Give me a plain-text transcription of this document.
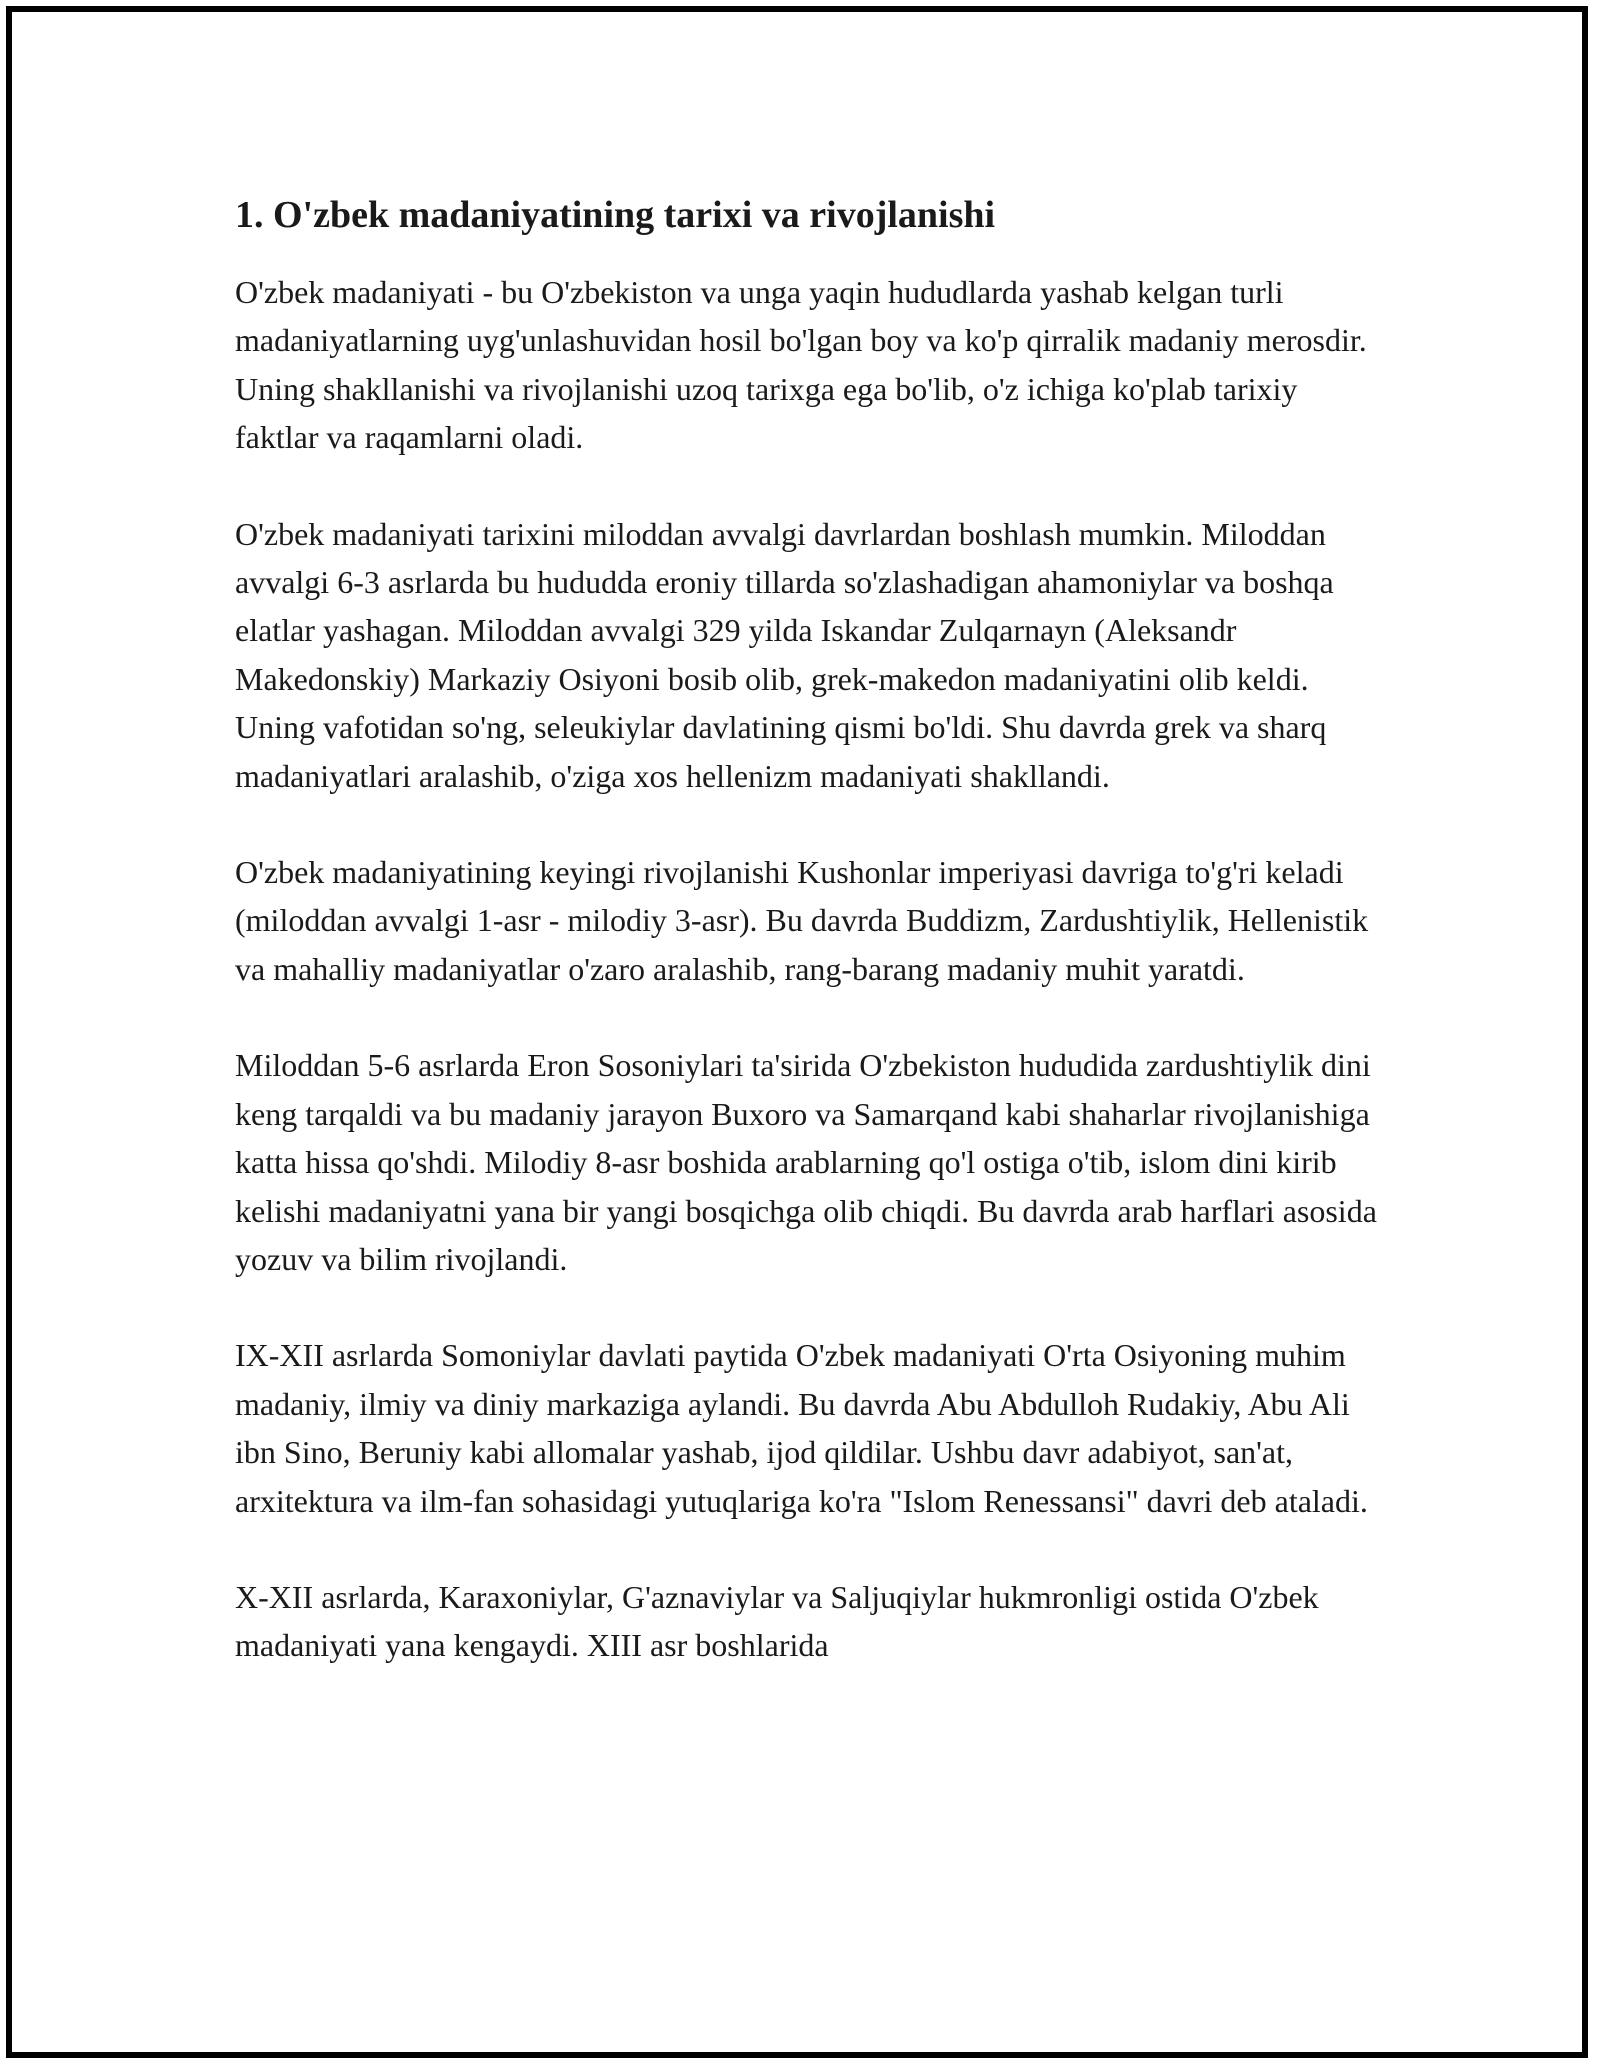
1. O'zbek madaniyatining tarixi va rivojlanishi

O'zbek madaniyati - bu O'zbekiston va unga yaqin hududlarda yashab kelgan turli madaniyatlarning uyg'unlashuvidan hosil bo'lgan boy va ko'p qirralik madaniy merosdir. Uning shakllanishi va rivojlanishi uzoq tarixga ega bo'lib, o'z ichiga ko'plab tarixiy faktlar va raqamlarni oladi.

O'zbek madaniyati tarixini miloddan avvalgi davrlardan boshlash mumkin. Miloddan avvalgi 6-3 asrlarda bu hududda eroniy tillarda so'zlashadigan ahamoniylar va boshqa elatlar yashagan. Miloddan avvalgi 329 yilda Iskandar Zulqarnayn (Aleksandr Makedonskiy) Markaziy Osiyoni bosib olib, grek-makedon madaniyatini olib keldi. Uning vafotidan so'ng, seleukiylar davlatining qismi bo'ldi. Shu davrda grek va sharq madaniyatlari aralashib, o'ziga xos hellenizm madaniyati shakllandi.

O'zbek madaniyatining keyingi rivojlanishi Kushonlar imperiyasi davriga to'g'ri keladi (miloddan avvalgi 1-asr - milodiy 3-asr). Bu davrda Buddizm, Zardushtiylik, Hellenistik va mahalliy madaniyatlar o'zaro aralashib, rang-barang madaniy muhit yaratdi.

Miloddan 5-6 asrlarda Eron Sosoniylari ta'sirida O'zbekiston hududida zardushtiylik dini keng tarqaldi va bu madaniy jarayon Buxoro va Samarqand kabi shaharlar rivojlanishiga katta hissa qo'shdi. Milodiy 8-asr boshida arablarning qo'l ostiga o'tib, islom dini kirib kelishi madaniyatni yana bir yangi bosqichga olib chiqdi. Bu davrda arab harflari asosida yozuv va bilim rivojlandi.

IX-XII asrlarda Somoniylar davlati paytida O'zbek madaniyati O'rta Osiyoning muhim madaniy, ilmiy va diniy markaziga aylandi. Bu davrda Abu Abdulloh Rudakiy, Abu Ali ibn Sino, Beruniy kabi allomalar yashab, ijod qildilar. Ushbu davr adabiyot, san'at, arxitektura va ilm-fan sohasidagi yutuqlariga ko'ra "Islom Renessansi" davri deb ataladi.

X-XII asrlarda, Karaxoniylar, G'aznaviylar va Saljuqiylar hukmronligi ostida O'zbek madaniyati yana kengaydi. XIII asr boshlarida
